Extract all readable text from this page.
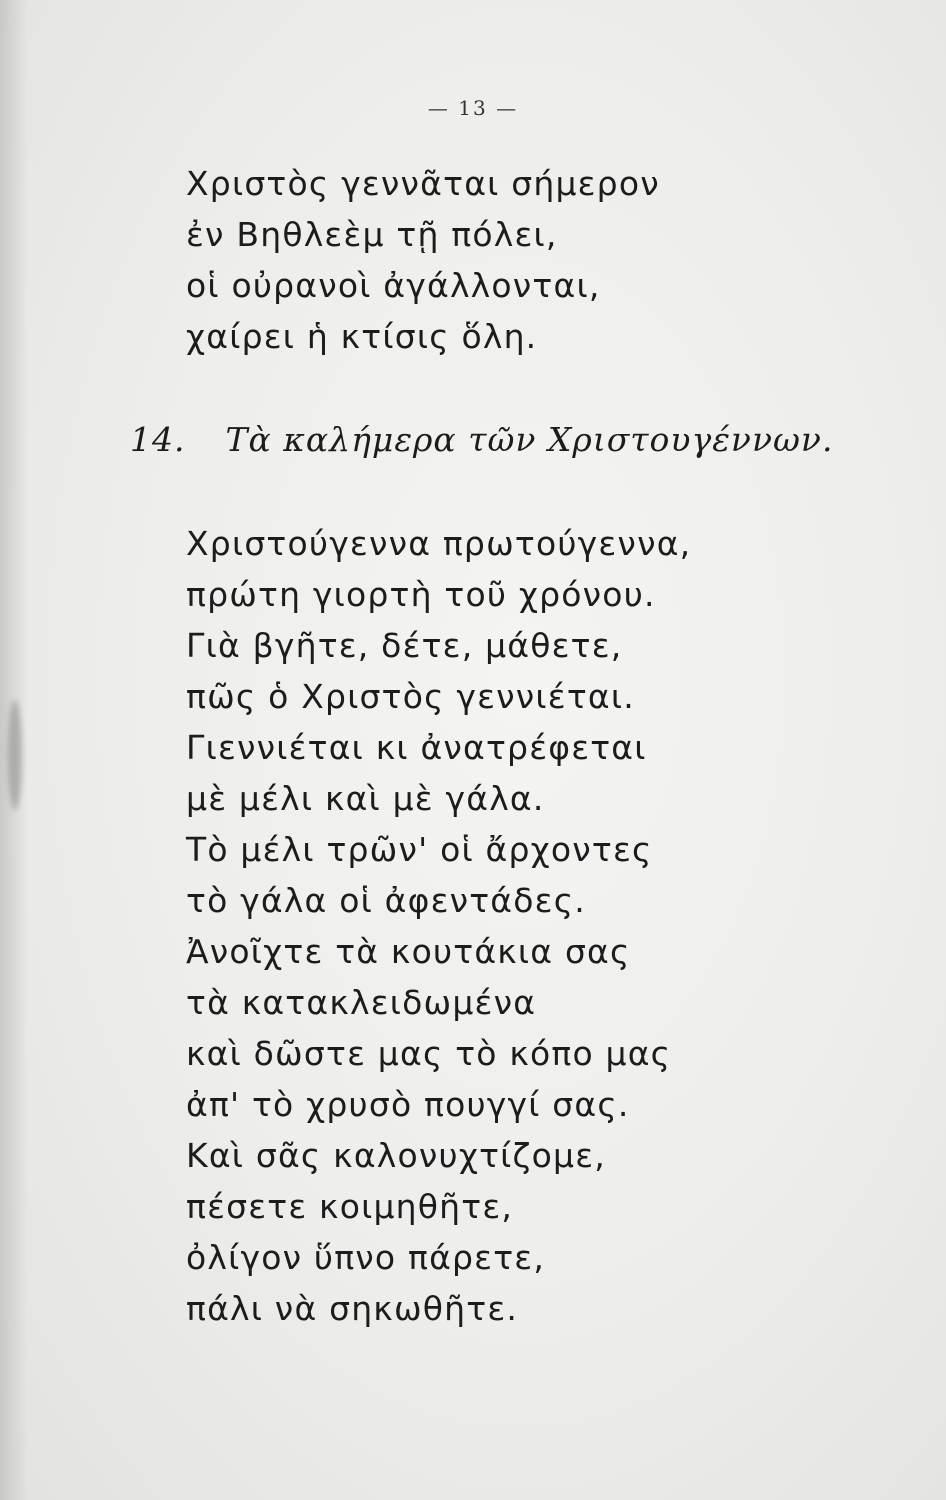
— 13 —
Χριστὸς γεννᾶται σήμερον
ἐν Βηθλεὲμ τῇ πόλει,
οἱ οὐρανοὶ ἀγάλλονται,
χαίρει ἡ κτίσις ὅλη.
14. Τὰ καλήμερα τῶν Χριστουγέννων.
Χριστούγεννα πρωτούγεννα,
πρώτη γιορτὴ τοῦ χρόνου.
Γιὰ βγῆτε, δέτε, μάθετε,
πῶς ὁ Χριστὸς γεννιέται.
Γιεννιέται κι ἀνατρέφεται
μὲ μέλι καὶ μὲ γάλα.
Τὸ μέλι τρῶν' οἱ ἄρχοντες
τὸ γάλα οἱ ἀφεντάδες.
Ἀνοῖχτε τὰ κουτάκια σας
τὰ κατακλειδωμένα
καὶ δῶστε μας τὸ κόπο μας
ἀπ' τὸ χρυσὸ πουγγί σας.
Καὶ σᾶς καλονυχτίζομε,
πέσετε κοιμηθῆτε,
ὀλίγον ὕπνο πάρετε,
πάλι νὰ σηκωθῆτε.
